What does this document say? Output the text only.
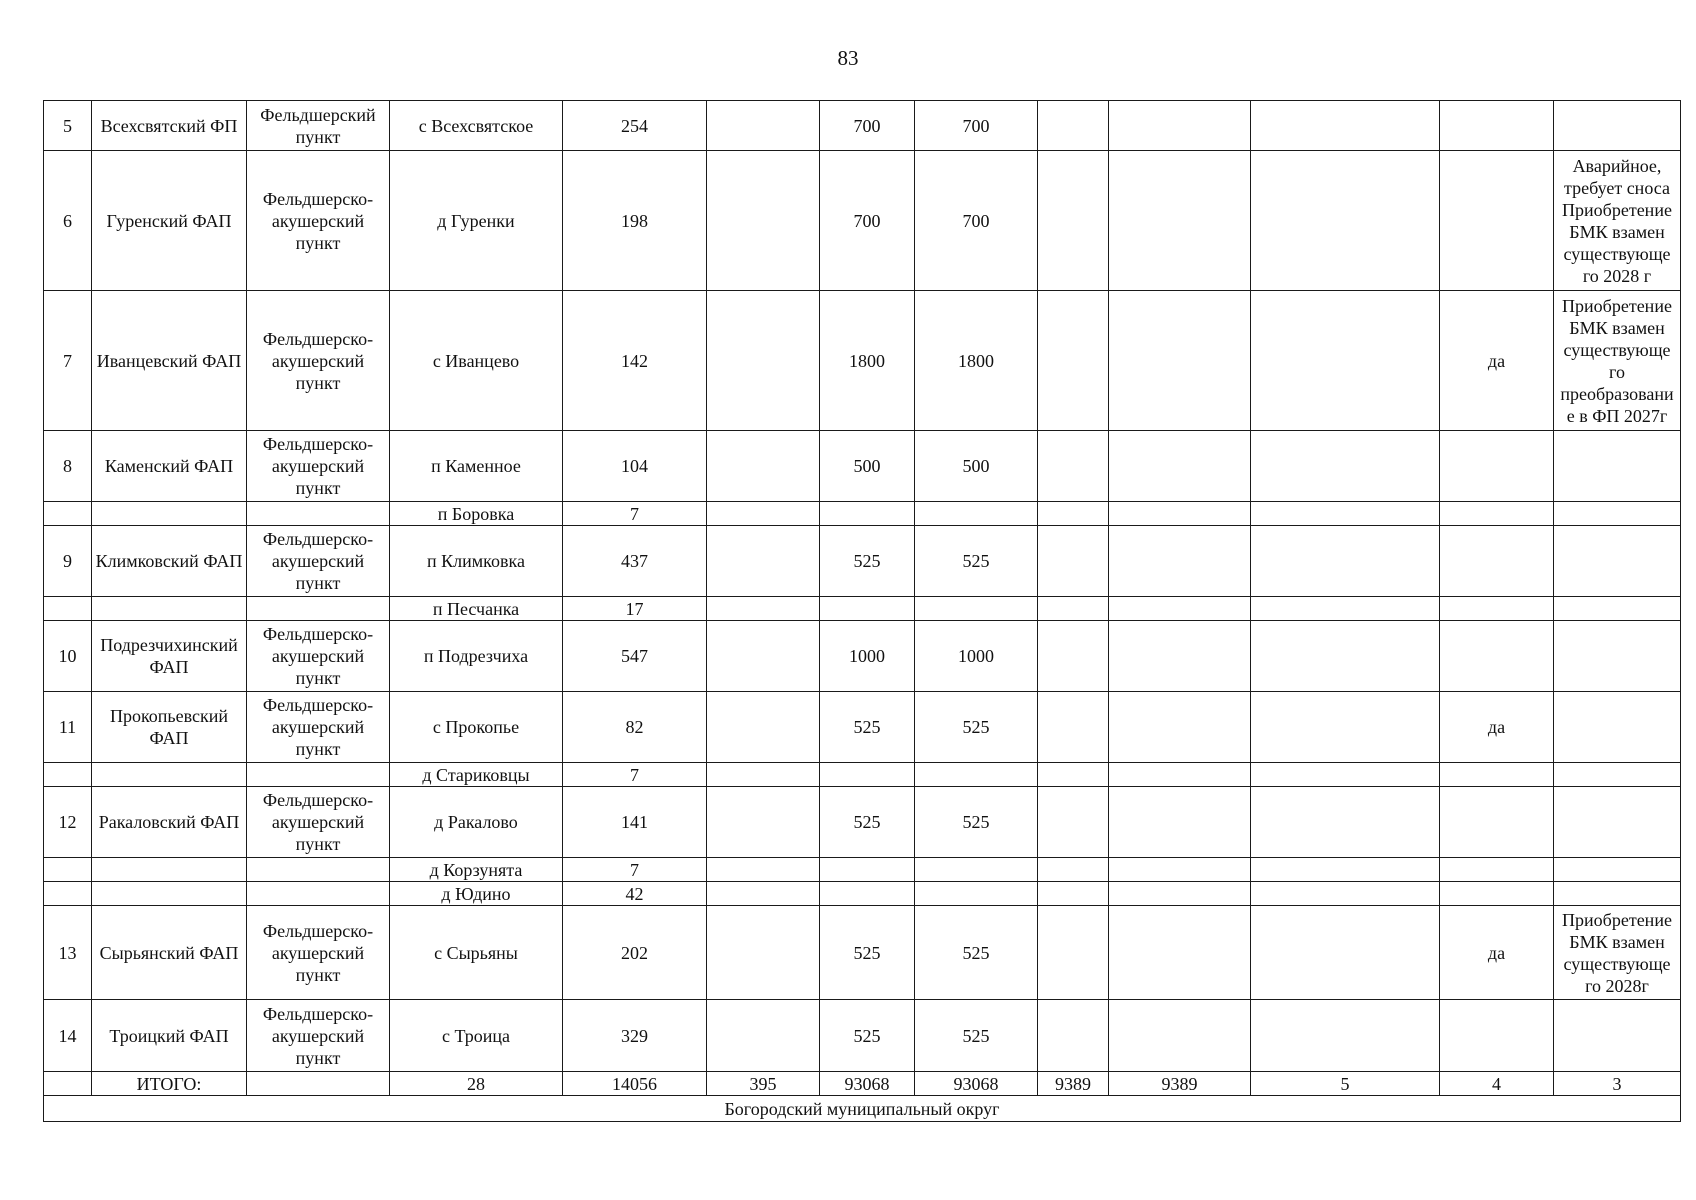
83
5	Всехсвятский ФП	Фельдшерский пункт	с Всехсвятское	254		700	700					
6	Гуренский ФАП	Фельдшерско-акушерский пункт	д Гуренки	198		700	700					Аварийное, требует сноса Приобретение БМК взамен существующе го 2028 г
7	Иванцевский ФАП	Фельдшерско-акушерский пункт	с Иванцево	142		1800	1800				да	Приобретение БМК взамен существующе го преобразовани е в ФП 2027г
8	Каменский ФАП	Фельдшерско-акушерский пункт	п Каменное	104		500	500					
			п Боровка	7								
9	Климковский ФАП	Фельдшерско-акушерский пункт	п Климковка	437		525	525					
			п Песчанка	17								
10	Подрезчихинский ФАП	Фельдшерско-акушерский пункт	п Подрезчиха	547		1000	1000					
11	Прокопьевский ФАП	Фельдшерско-акушерский пункт	с Прокопье	82		525	525				да	
			д Стариковцы	7								
12	Ракаловский ФАП	Фельдшерско-акушерский пункт	д Ракалово	141		525	525					
			д Корзунята	7								
			д Юдино	42								
13	Сырьянский ФАП	Фельдшерско-акушерский пункт	с Сырьяны	202		525	525				да	Приобретение БМК взамен существующе го 2028г
14	Троицкий ФАП	Фельдшерско-акушерский пункт	с Троица	329		525	525					
	ИТОГО:		28	14056	395	93068	93068	9389	9389	5	4	3
Богородский муниципальный округ												
